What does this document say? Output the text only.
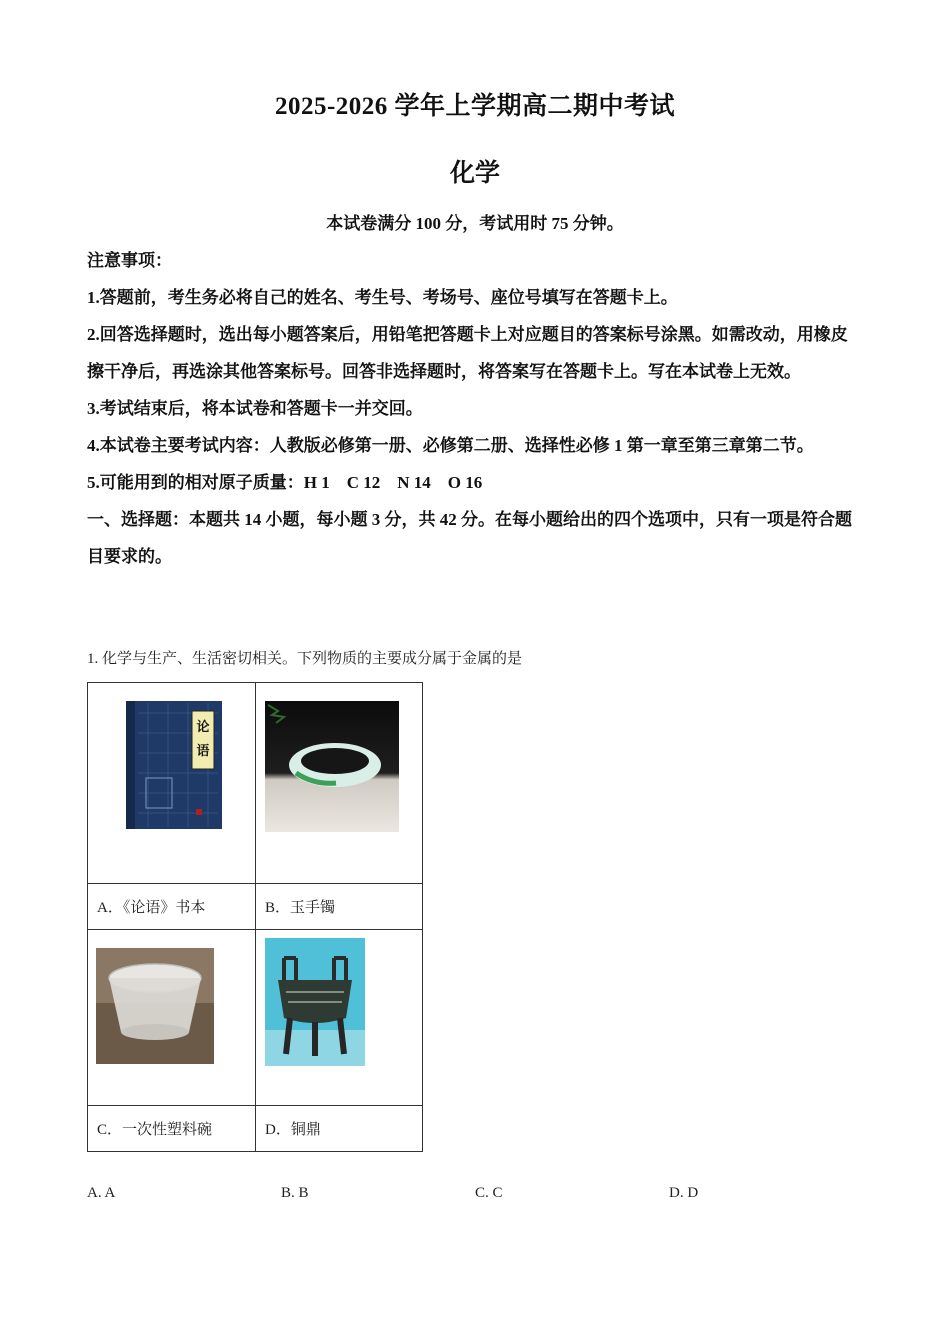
2025-2026 学年上学期高二期中考试
化学
本试卷满分 100 分，考试用时 75 分钟。
注意事项：
1.答题前，考生务必将自己的姓名、考生号、考场号、座位号填写在答题卡上。
2.回答选择题时，选出每小题答案后，用铅笔把答题卡上对应题目的答案标号涂黑。如需改动，用橡皮擦干净后，再选涂其他答案标号。回答非选择题时，将答案写在答题卡上。写在本试卷上无效。
3.考试结束后，将本试卷和答题卡一并交回。
4.本试卷主要考试内容：人教版必修第一册、必修第二册、选择性必修 1 第一章至第三章第二节。
5.可能用到的相对原子质量：H 1　C 12　N 14　O 16
一、选择题：本题共 14 小题，每小题 3 分，共 42 分。在每小题给出的四个选项中，只有一项是符合题目要求的。
1. 化学与生产、生活密切相关。下列物质的主要成分属于金属的是
论
语

A．《论语》书本	B．玉手镯

C．一次性塑料碗	D．铜鼎
A. A	B. B	C. C	D. D
